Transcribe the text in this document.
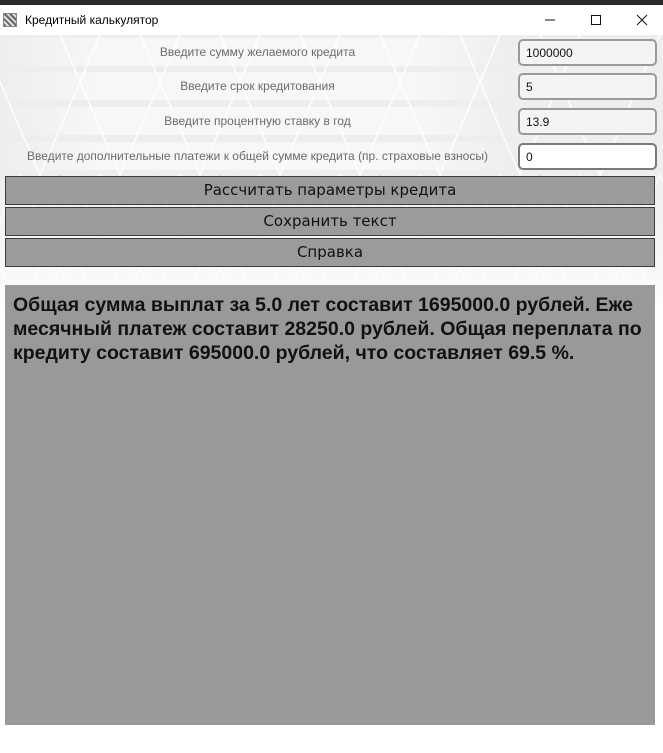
Кредитный калькулятор
Введите сумму желаемого кредита
1000000
Введите срок кредитования
5
Введите процентную ставку в год
13.9
Введите дополнительные платежи к общей сумме кредита (пр. страховые взносы)
0
Рассчитать параметры кредита
Сохранить текст
Справка
Общая сумма выплат за 5.0 лет составит 1695000.0 рублей. Ежемесячный платеж составит 28250.0 рублей. Общая переплата по кредиту составит 695000.0 рублей, что составляет 69.5 %.
